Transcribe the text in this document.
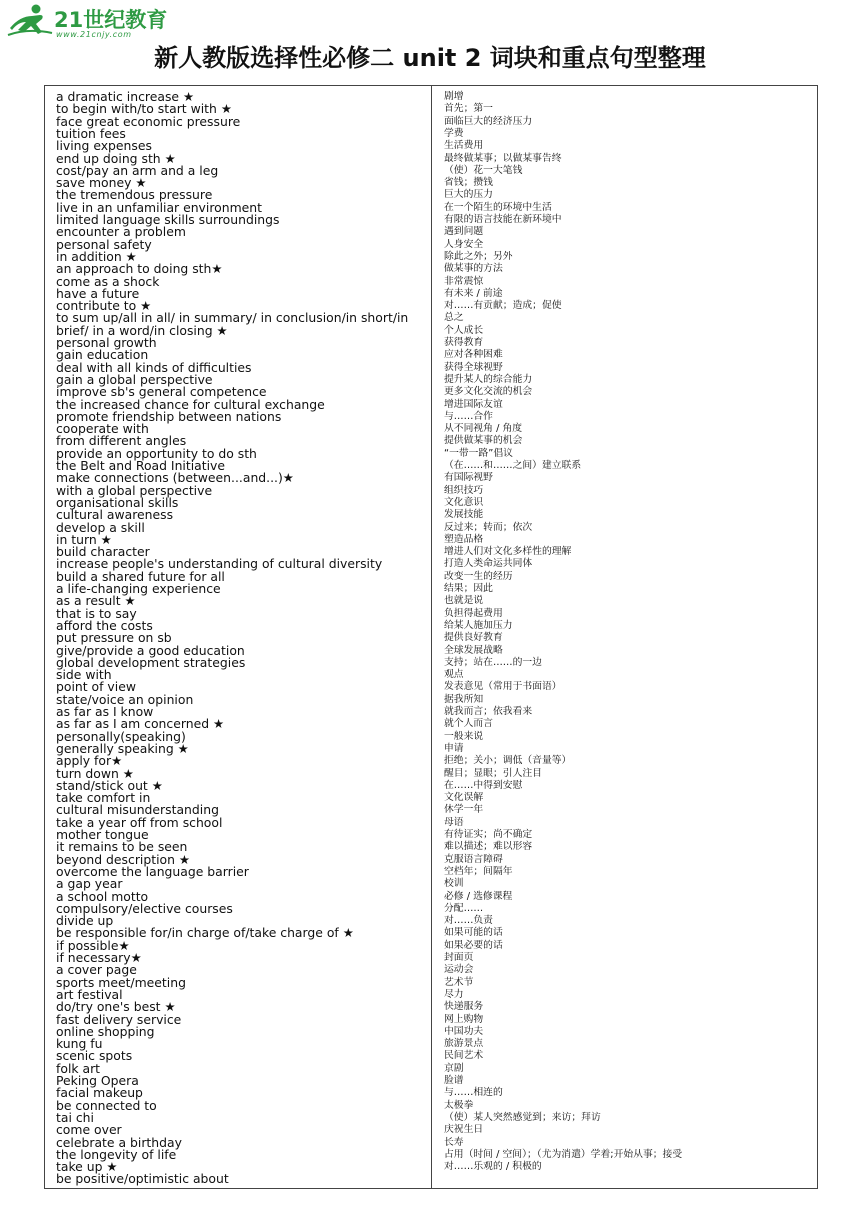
21世纪教育
www.21cnjy.com
新人教版选择性必修二 unit 2 词块和重点句型整理
a dramatic increase ★
to begin with/to start with ★
face great economic pressure
tuition fees
living expenses
end up doing sth ★
cost/pay an arm and a leg
save money ★
the tremendous pressure
live in an unfamiliar environment
limited language skills surroundings
encounter a problem
personal safety
in addition ★
an approach to doing sth★
come as a shock
have a future
contribute to ★
to sum up/all in all/ in summary/ in conclusion/in short/in
brief/ in a word/in closing ★
personal growth
gain education
deal with all kinds of difficulties
gain a global perspective
improve sb's general competence
the increased chance for cultural exchange
promote friendship between nations
cooperate with
from different angles
provide an opportunity to do sth
the Belt and Road Initiative
make connections (between...and...)★
with a global perspective
organisational skills
cultural awareness
develop a skill
in turn ★
build character
increase people's understanding of cultural diversity
build a shared future for all
a life-changing experience
as a result ★
that is to say
afford the costs
put pressure on sb
give/provide a good education
global development strategies
side with
point of view
state/voice an opinion
as far as I know
as far as I am concerned ★
personally(speaking)
generally speaking ★
apply for★
turn down ★
stand/stick out ★
take comfort in
cultural misunderstanding
take a year off from school
mother tongue
it remains to be seen
beyond description ★
overcome the language barrier
a gap year
a school motto
compulsory/elective courses
divide up
be responsible for/in charge of/take charge of ★
if possible★
if necessary★
a cover page
sports meet/meeting
art festival
do/try one's best ★
fast delivery service
online shopping
kung fu
scenic spots
folk art
Peking Opera
facial makeup
be connected to
tai chi
come over
celebrate a birthday
the longevity of life
take up ★
be positive/optimistic about
剧增
首先；第一
面临巨大的经济压力
学费
生活费用
最终做某事；以做某事告终
（使）花一大笔钱
省钱；攒钱
巨大的压力
在一个陌生的环境中生活
有限的语言技能在新环境中
遇到问题
人身安全
除此之外；另外
做某事的方法
非常震惊
有未来 / 前途
对……有贡献；造成；促使
总之
个人成长
获得教育
应对各种困难
获得全球视野
提升某人的综合能力
更多文化交流的机会
增进国际友谊
与……合作
从不同视角 / 角度
提供做某事的机会
“一带一路”倡议
（在……和……之间）建立联系
有国际视野
组织技巧
文化意识
发展技能
反过来；转而；依次
塑造品格
增进人们对文化多样性的理解
打造人类命运共同体
改变一生的经历
结果；因此
也就是说
负担得起费用
给某人施加压力
提供良好教育
全球发展战略
支持；站在……的一边
观点
发表意见（常用于书面语）
据我所知
就我而言；依我看来
就个人而言
一般来说
申请
拒绝；关小；调低（音量等）
醒目；显眼；引人注目
在……中得到安慰
文化误解
休学一年
母语
有待证实；尚不确定
难以描述；难以形容
克服语言障碍
空档年；间隔年
校训
必修 / 选修课程
分配……
对……负责
如果可能的话
如果必要的话
封面页
运动会
艺术节
尽力
快递服务
网上购物
中国功夫
旅游景点
民间艺术
京剧
脸谱
与……相连的
太极拳
（使）某人突然感觉到；来访；拜访
庆祝生日
长寿
占用（时间 / 空间）；（尤为消遣）学着;开始从事；接受
对……乐观的 / 积极的
